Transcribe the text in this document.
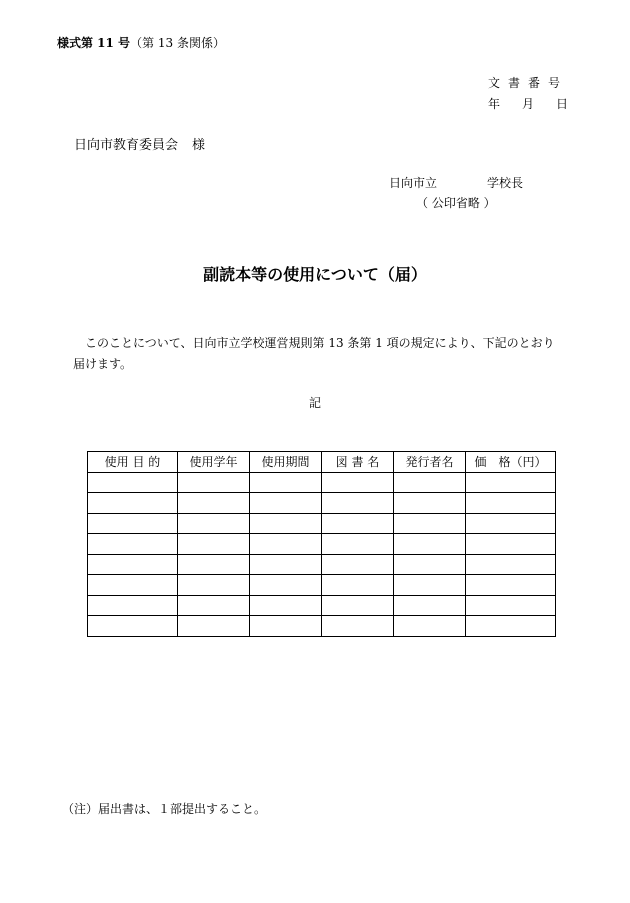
様式第 11 号（第 13 条関係）
文書番号
年 月 日
日向市教育委員会 様
日向市立	学校長
（ 公印省略 ）
副読本等の使用について（届）
このことについて、日向市立学校運営規則第 13 条第 1 項の規定により、下記のとおり届けます。
記
使用 目 的	使用学年	使用期間	図 書 名	発行者名	価　格（円）

（注）届出書は、１部提出すること。
